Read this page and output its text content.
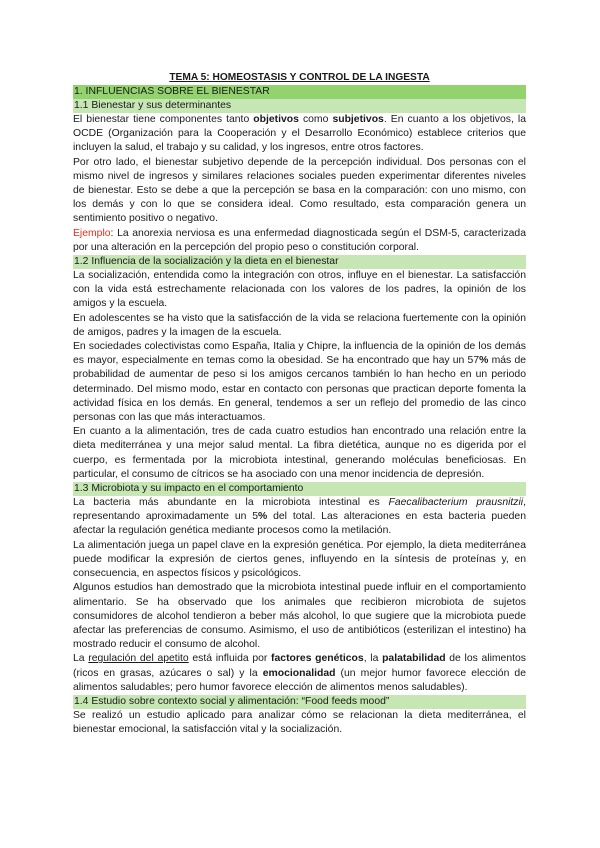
TEMA 5: HOMEOSTASIS Y CONTROL DE LA INGESTA
1. INFLUENCIAS SOBRE EL BIENESTAR
1.1 Bienestar y sus determinantes

El bienestar tiene componentes tanto objetivos como subjetivos. En cuanto a los objetivos, la OCDE (Organización para la Cooperación y el Desarrollo Económico) establece criterios que incluyen la salud, el trabajo y su calidad, y los ingresos, entre otros factores.

Por otro lado, el bienestar subjetivo depende de la percepción individual. Dos personas con el mismo nivel de ingresos y similares relaciones sociales pueden experimentar diferentes niveles de bienestar. Esto se debe a que la percepción se basa en la comparación: con uno mismo, con los demás y con lo que se considera ideal. Como resultado, esta comparación genera un sentimiento positivo o negativo.

Ejemplo: La anorexia nerviosa es una enfermedad diagnosticada según el DSM-5, caracterizada por una alteración en la percepción del propio peso o constitución corporal.

1.2 Influencia de la socialización y la dieta en el bienestar

La socialización, entendida como la integración con otros, influye en el bienestar. La satisfacción con la vida está estrechamente relacionada con los valores de los padres, la opinión de los amigos y la escuela.

En adolescentes se ha visto que la satisfacción de la vida se relaciona fuertemente con la opinión de amigos, padres y la imagen de la escuela.

En sociedades colectivistas como España, Italia y Chipre, la influencia de la opinión de los demás es mayor, especialmente en temas como la obesidad. Se ha encontrado que hay un 57% más de probabilidad de aumentar de peso si los amigos cercanos también lo han hecho en un periodo determinado. Del mismo modo, estar en contacto con personas que practican deporte fomenta la actividad física en los demás. En general, tendemos a ser un reflejo del promedio de las cinco personas con las que más interactuamos.

En cuanto a la alimentación, tres de cada cuatro estudios han encontrado una relación entre la dieta mediterránea y una mejor salud mental. La fibra dietética, aunque no es digerida por el cuerpo, es fermentada por la microbiota intestinal, generando moléculas beneficiosas. En particular, el consumo de cítricos se ha asociado con una menor incidencia de depresión.

1.3 Microbiota y su impacto en el comportamiento

La bacteria más abundante en la microbiota intestinal es Faecalibacterium prausnitzii, representando aproximadamente un 5% del total. Las alteraciones en esta bacteria pueden afectar la regulación genética mediante procesos como la metilación.

La alimentación juega un papel clave en la expresión genética. Por ejemplo, la dieta mediterránea puede modificar la expresión de ciertos genes, influyendo en la síntesis de proteínas y, en consecuencia, en aspectos físicos y psicológicos.

Algunos estudios han demostrado que la microbiota intestinal puede influir en el comportamiento alimentario. Se ha observado que los animales que recibieron microbiota de sujetos consumidores de alcohol tendieron a beber más alcohol, lo que sugiere que la microbiota puede afectar las preferencias de consumo. Asimismo, el uso de antibióticos (esterilizan el intestino) ha mostrado reducir el consumo de alcohol.

La regulación del apetito está influida por factores genéticos, la palatabilidad de los alimentos (ricos en grasas, azúcares o sal) y la emocionalidad (un mejor humor favorece elección de alimentos saludables; pero humor favorece elección de alimentos menos saludables).

1.4 Estudio sobre contexto social y alimentación: “Food feeds mood”

Se realizó un estudio aplicado para analizar cómo se relacionan la dieta mediterránea, el bienestar emocional, la satisfacción vital y la socialización.
